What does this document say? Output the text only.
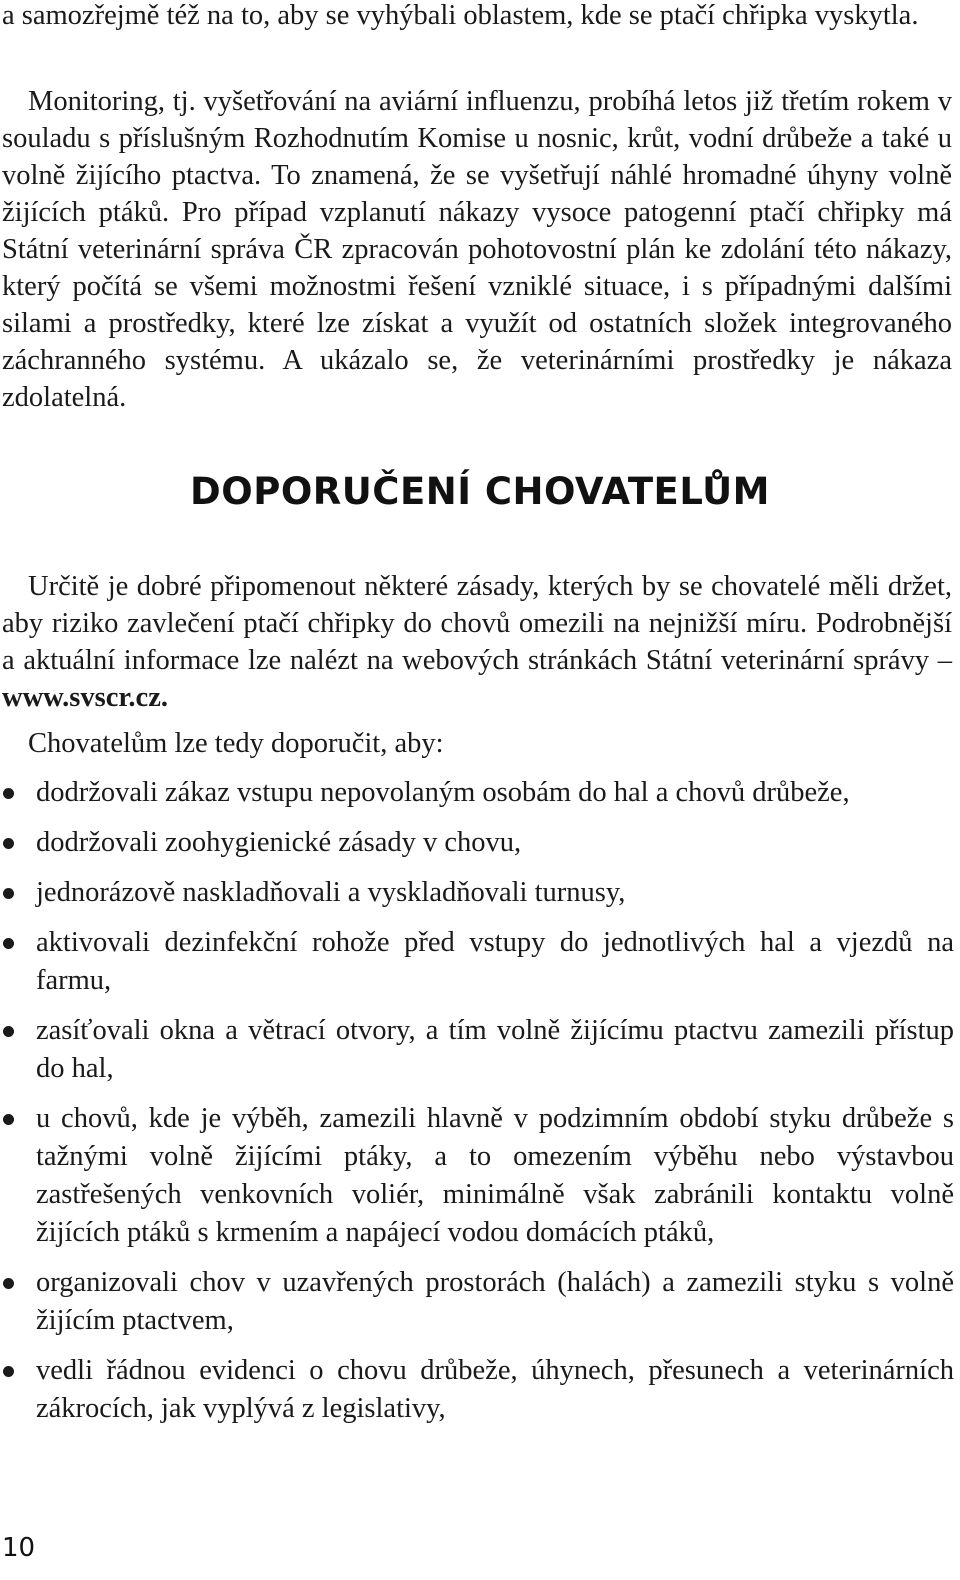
a samozřejmě též na to, aby se vyhýbali oblastem, kde se ptačí chřipka vyskytla.

Monitoring, tj. vyšetřování na aviární influenzu, probíhá letos již třetím rokem v souladu s příslušným Rozhodnutím Komise u nosnic, krůt, vodní drůbeže a také u volně žijícího ptactva. To znamená, že se vyšetřují náhlé hromadné úhyny volně žijících ptáků. Pro případ vzplanutí nákazy vysoce patogenní ptačí chřipky má Státní veterinární správa ČR zpracován pohotovostní plán ke zdolání této nákazy, který počítá se všemi možnostmi řešení vzniklé situace, i s případnými dalšími silami a prostředky, které lze získat a využít od ostatních složek integrovaného záchranného systému. A ukázalo se, že veterinárními prostředky je nákaza zdolatelná.

DOPORUČENÍ CHOVATELŮM

Určitě je dobré připomenout některé zásady, kterých by se chovatelé měli držet, aby riziko zavlečení ptačí chřipky do chovů omezili na nejnižší míru. Podrobnější a aktuální informace lze nalézt na webových stránkách Státní veterinární správy – www.svscr.cz.

Chovatelům lze tedy doporučit, aby:

dodržovali zákaz vstupu nepovolaným osobám do hal a chovů drůbeže,
dodržovali zoohygienické zásady v chovu,
jednorázově naskladňovali a vyskladňovali turnusy,
aktivovali dezinfekční rohože před vstupy do jednotlivých hal a vjezdů na farmu,
zasíťovali okna a větrací otvory, a tím volně žijícímu ptactvu zamezili přístup do hal,
u chovů, kde je výběh, zamezili hlavně v podzimním období styku drůbeže s tažnými volně žijícími ptáky, a to omezením výběhu nebo výstavbou zastřešených venkovních voliér, minimálně však zabránili kontaktu volně žijících ptáků s krmením a napájecí vodou domácích ptáků,
organizovali chov v uzavřených prostorách (halách) a zamezili styku s volně žijícím ptactvem,
vedli řádnou evidenci o chovu drůbeže, úhynech, přesunech a veterinárních zákrocích, jak vyplývá z legislativy,
10
